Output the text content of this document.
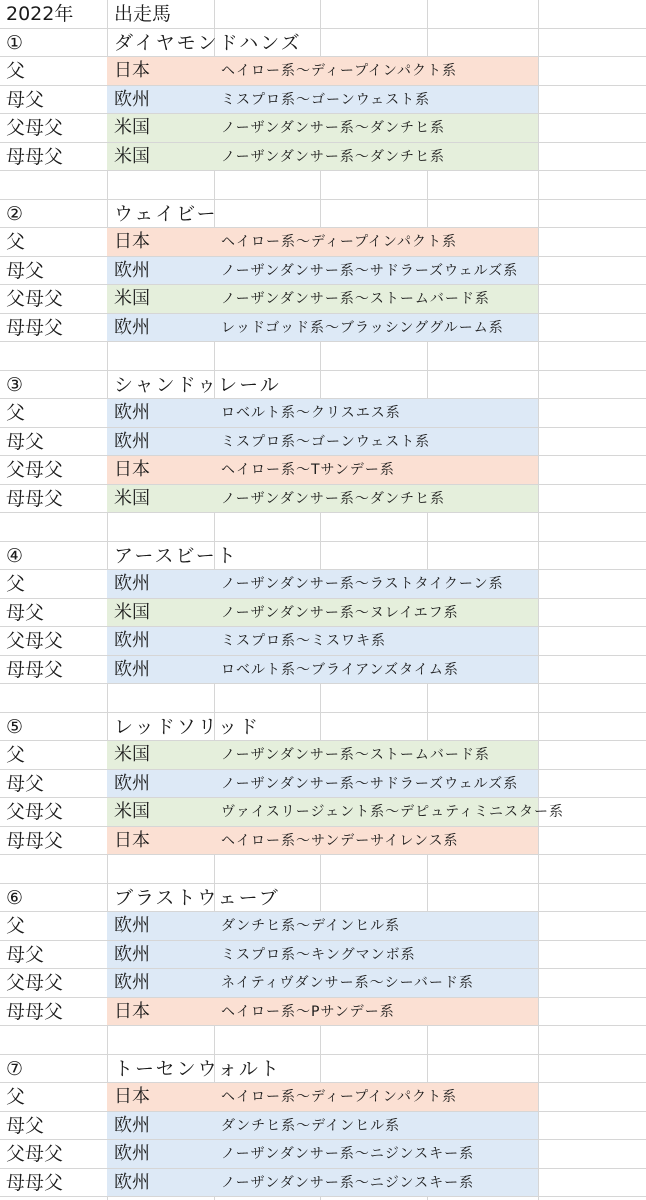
2022年 出走馬
①	ダイヤモンドハンズ
父	日本	ヘイロー系〜ディープインパクト系
母父	欧州	ミスプロ系〜ゴーンウェスト系
父母父	米国	ノーザンダンサー系〜ダンチヒ系
母母父	米国	ノーザンダンサー系〜ダンチヒ系
②	ウェイビー
父	日本	ヘイロー系〜ディープインパクト系
母父	欧州	ノーザンダンサー系〜サドラーズウェルズ系
父母父	米国	ノーザンダンサー系〜ストームバード系
母母父	欧州	レッドゴッド系〜ブラッシンググルーム系
③	シャンドゥレール
父	欧州	ロベルト系〜クリスエス系
母父	欧州	ミスプロ系〜ゴーンウェスト系
父母父	日本	ヘイロー系〜Tサンデー系
母母父	米国	ノーザンダンサー系〜ダンチヒ系
④	アースビート
父	欧州	ノーザンダンサー系〜ラストタイクーン系
母父	米国	ノーザンダンサー系〜ヌレイエフ系
父母父	欧州	ミスプロ系〜ミスワキ系
母母父	欧州	ロベルト系〜ブライアンズタイム系
⑤	レッドソリッド
父	米国	ノーザンダンサー系〜ストームバード系
母父	欧州	ノーザンダンサー系〜サドラーズウェルズ系
父母父	米国	ヴァイスリージェント系〜デピュティミニスター系
母母父	日本	ヘイロー系〜サンデーサイレンス系
⑥	ブラストウェーブ
父	欧州	ダンチヒ系〜デインヒル系
母父	欧州	ミスプロ系〜キングマンボ系
父母父	欧州	ネイティヴダンサー系〜シーバード系
母母父	日本	ヘイロー系〜Pサンデー系
⑦	トーセンウォルト
父	日本	ヘイロー系〜ディープインパクト系
母父	欧州	ダンチヒ系〜デインヒル系
父母父	欧州	ノーザンダンサー系〜ニジンスキー系
母母父	欧州	ノーザンダンサー系〜ニジンスキー系
